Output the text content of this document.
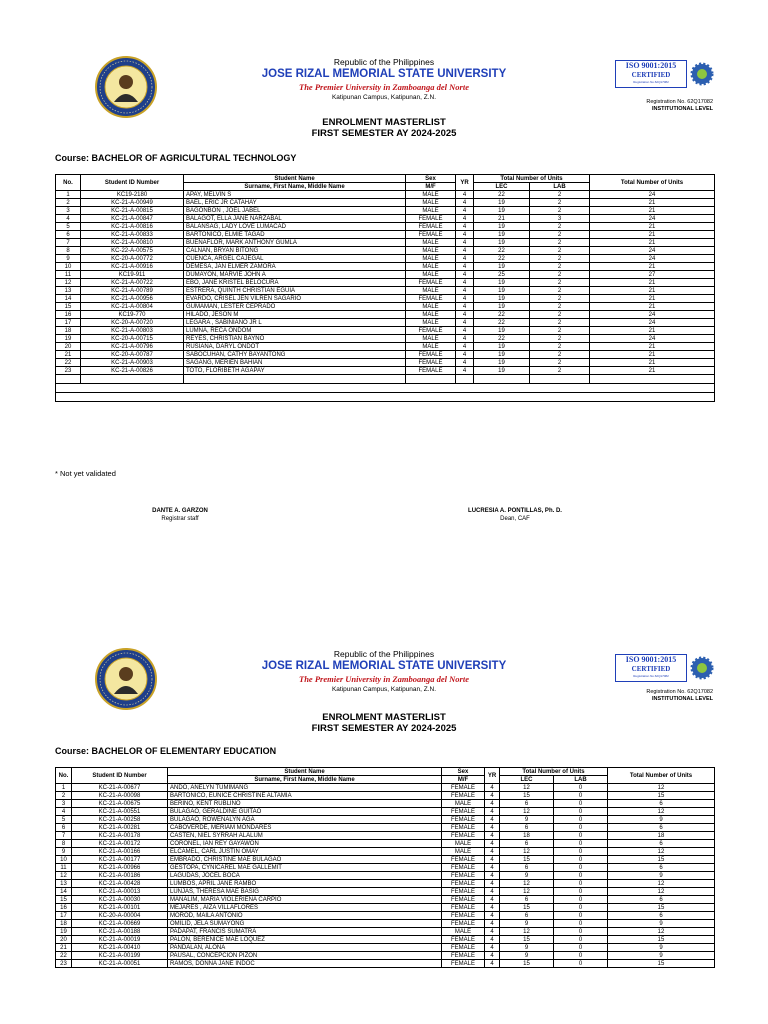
Republic of the Philippines
JOSE RIZAL MEMORIAL STATE UNIVERSITY
The Premier University in Zamboanga del Norte
Katipunan Campus, Katipunan, Z.N.
ISO 9001:2015
CERTIFIED
Registration No.62Q17082
Registration No. 62Q17082
INSTITUTIONAL LEVEL
ENROLMENT MASTERLIST
FIRST SEMESTER AY 2024-2025
Course: BACHELOR OF AGRICULTURAL TECHNOLOGY
No.	Student ID Number	Student Name	Sex	YR	Total Number of Units		Total Number of Units
		Surname, First Name, Middle Name	M/F		LEC	LAB	
1	KC19-2180	APAY, MELVIN S	MALE	4	22	2	24
2	KC-21-A-00949	BAEL, ERIC JR CATAHAY	MALE	4	19	2	21
3	KC-21-A-00815	BAGONBON , JOEL JABEL	MALE	4	19	2	21
4	KC-21-A-00847	BALAGOT, ELLA JANE NARZABAL	FEMALE	4	21	3	24
5	KC-21-A-00816	BALANSAG, LADY LOVE LUMACAD	FEMALE	4	19	2	21
6	KC-21-A-00833	BARTONICO, ELMIE TAGAD	FEMALE	4	19	2	21
7	KC-21-A-00810	BUENAFLOR, MARK ANTHONY GUMLA	MALE	4	19	2	21
8	KC-22-A-00575	CALNAN, BRYAN BITONG	MALE	4	22	2	24
9	KC-20-A-00772	CUENCA, ARGEL CAJEGAL	MALE	4	22	2	24
10	KC-21-A-00916	DEMESA, JAN ELMER ZAMORA	MALE	4	19	2	21
11	KC19-911	DUMAYON, MARVIE JOHN A	MALE	4	25	2	27
12	KC-21-A-00722	EBO, JANE KRISTEL BELOCURA	FEMALE	4	19	2	21
13	KC-21-A-00789	ESTRERA, QUINTH CHRISTIAN EGUIA	MALE	4	19	2	21
14	KC-21-A-00956	EVARDO, CRISEL JEN VILREN SAGARIO	FEMALE	4	19	2	21
15	KC-21-A-00804	GUMAMAN, LESTER CEPRADO	MALE	4	19	2	21
16	KC19-770	HILADO, JESON M	MALE	4	22	2	24
17	KC-20-A-00720	LEGARA , SABINIANO JR L	MALE	4	22	2	24
18	KC-21-A-00803	LUMNA, RECA ONDOM	FEMALE	4	19	2	21
19	KC-20-A-00715	REYES, CHRISTIAN BAYNO	MALE	4	22	2	24
20	KC-21-A-00796	RUSIANA, DARYL ONDOT	MALE	4	19	2	21
21	KC-20-A-00787	SABOCUHAN, CATHY BAYANTONG	FEMALE	4	19	2	21
22	KC-21-A-00903	SAGANG, MERIEN BAHIAN	FEMALE	4	19	2	21
23	KC-21-A-00826	TOTO, FLORIBETH AGAPAY	FEMALE	4	19	2	21

* Not yet validated
DANTE A. GARZON
Registrar staff
LUCRESIA A. PONTILLAS, Ph. D.
Dean, CAF
Republic of the Philippines
JOSE RIZAL MEMORIAL STATE UNIVERSITY
The Premier University in Zamboanga del Norte
Katipunan Campus, Katipunan, Z.N.
ISO 9001:2015
CERTIFIED
Registration No.62Q17082
Registration No. 62Q17082
INSTITUTIONAL LEVEL
ENROLMENT MASTERLIST
FIRST SEMESTER AY 2024-2025
Course: BACHELOR OF ELEMENTARY EDUCATION
No.	Student ID Number	Student Name	Sex	YR	Total Number of Units		Total Number of Units
		Surname, First Name, Middle Name	M/F		LEC	LAB	
1	KC-21-A-00677	ANDO, ANELYN TUMIMANG	FEMALE	4	12	0	12
2	KC-21-A-00098	BARTONICO, EUNICE CHRISTINE ALTAMIA	FEMALE	4	15	0	15
3	KC-21-A-00675	BERINO, KENT RUBLINO	MALE	4	6	0	6
4	KC-21-A-00551	BULAGAO, GERALDINE GUITAO	FEMALE	4	12	0	12
5	KC-21-A-00258	BULAGAO, ROWENALYN AGA	FEMALE	4	9	0	9
6	KC-21-A-00281	CABOVERDE, MERIAM MONDARES	FEMALE	4	6	0	6
7	KC-21-A-00178	CASTEN, NIEL SYRRAH ALALUM	FEMALE	4	18	0	18
8	KC-21-A-00172	CORONEL, IAN REY GAYAWON	MALE	4	6	0	6
9	KC-21-A-00166	ELCAMEL, CARL JUSTIN OMAY	MALE	4	12	0	12
10	KC-21-A-00177	EMBRADO, CHRISTINE MAE BULAGAO	FEMALE	4	15	0	15
11	KC-21-A-00966	GESTOPA, CYNICAREL MAE GALLEMIT	FEMALE	4	6	0	6
12	KC-21-A-00186	LAGUDAS, JOCEL BOCA	FEMALE	4	9	0	9
13	KC-21-A-00428	LUMBOS, APRIL JANE RAMBO	FEMALE	4	12	0	12
14	KC-21-A-00013	LUNJAS, THERESA MAE BASIG	FEMALE	4	12	0	12
15	KC-21-A-00030	MANALIM, MARIA VIOLERIENA CARPIO	FEMALE	4	6	0	6
16	KC-21-A-00101	MEJARES , AIZA VILLAFLORES	FEMALE	4	15	0	15
17	KC-20-A-00004	MOROD, MAILA ANTONIO	FEMALE	4	6	0	6
18	KC-21-A-00669	OMILID, JELA SUMAYONG	FEMALE	4	9	0	9
19	KC-21-A-00188	PADAPAT, FRANCIS SUMATRA	MALE	4	12	0	12
20	KC-21-A-00019	PALON, BERENICE MAE LOQUEZ	FEMALE	4	15	0	15
21	KC-21-A-00410	PANDALAN, ALONA	FEMALE	4	9	0	9
22	KC-21-A-00199	PAUSAL, CONCEPCION PIZON	FEMALE	4	9	0	9
23	KC-21-A-00051	RAMOS, DONNA JANE INDOC	FEMALE	4	15	0	15
